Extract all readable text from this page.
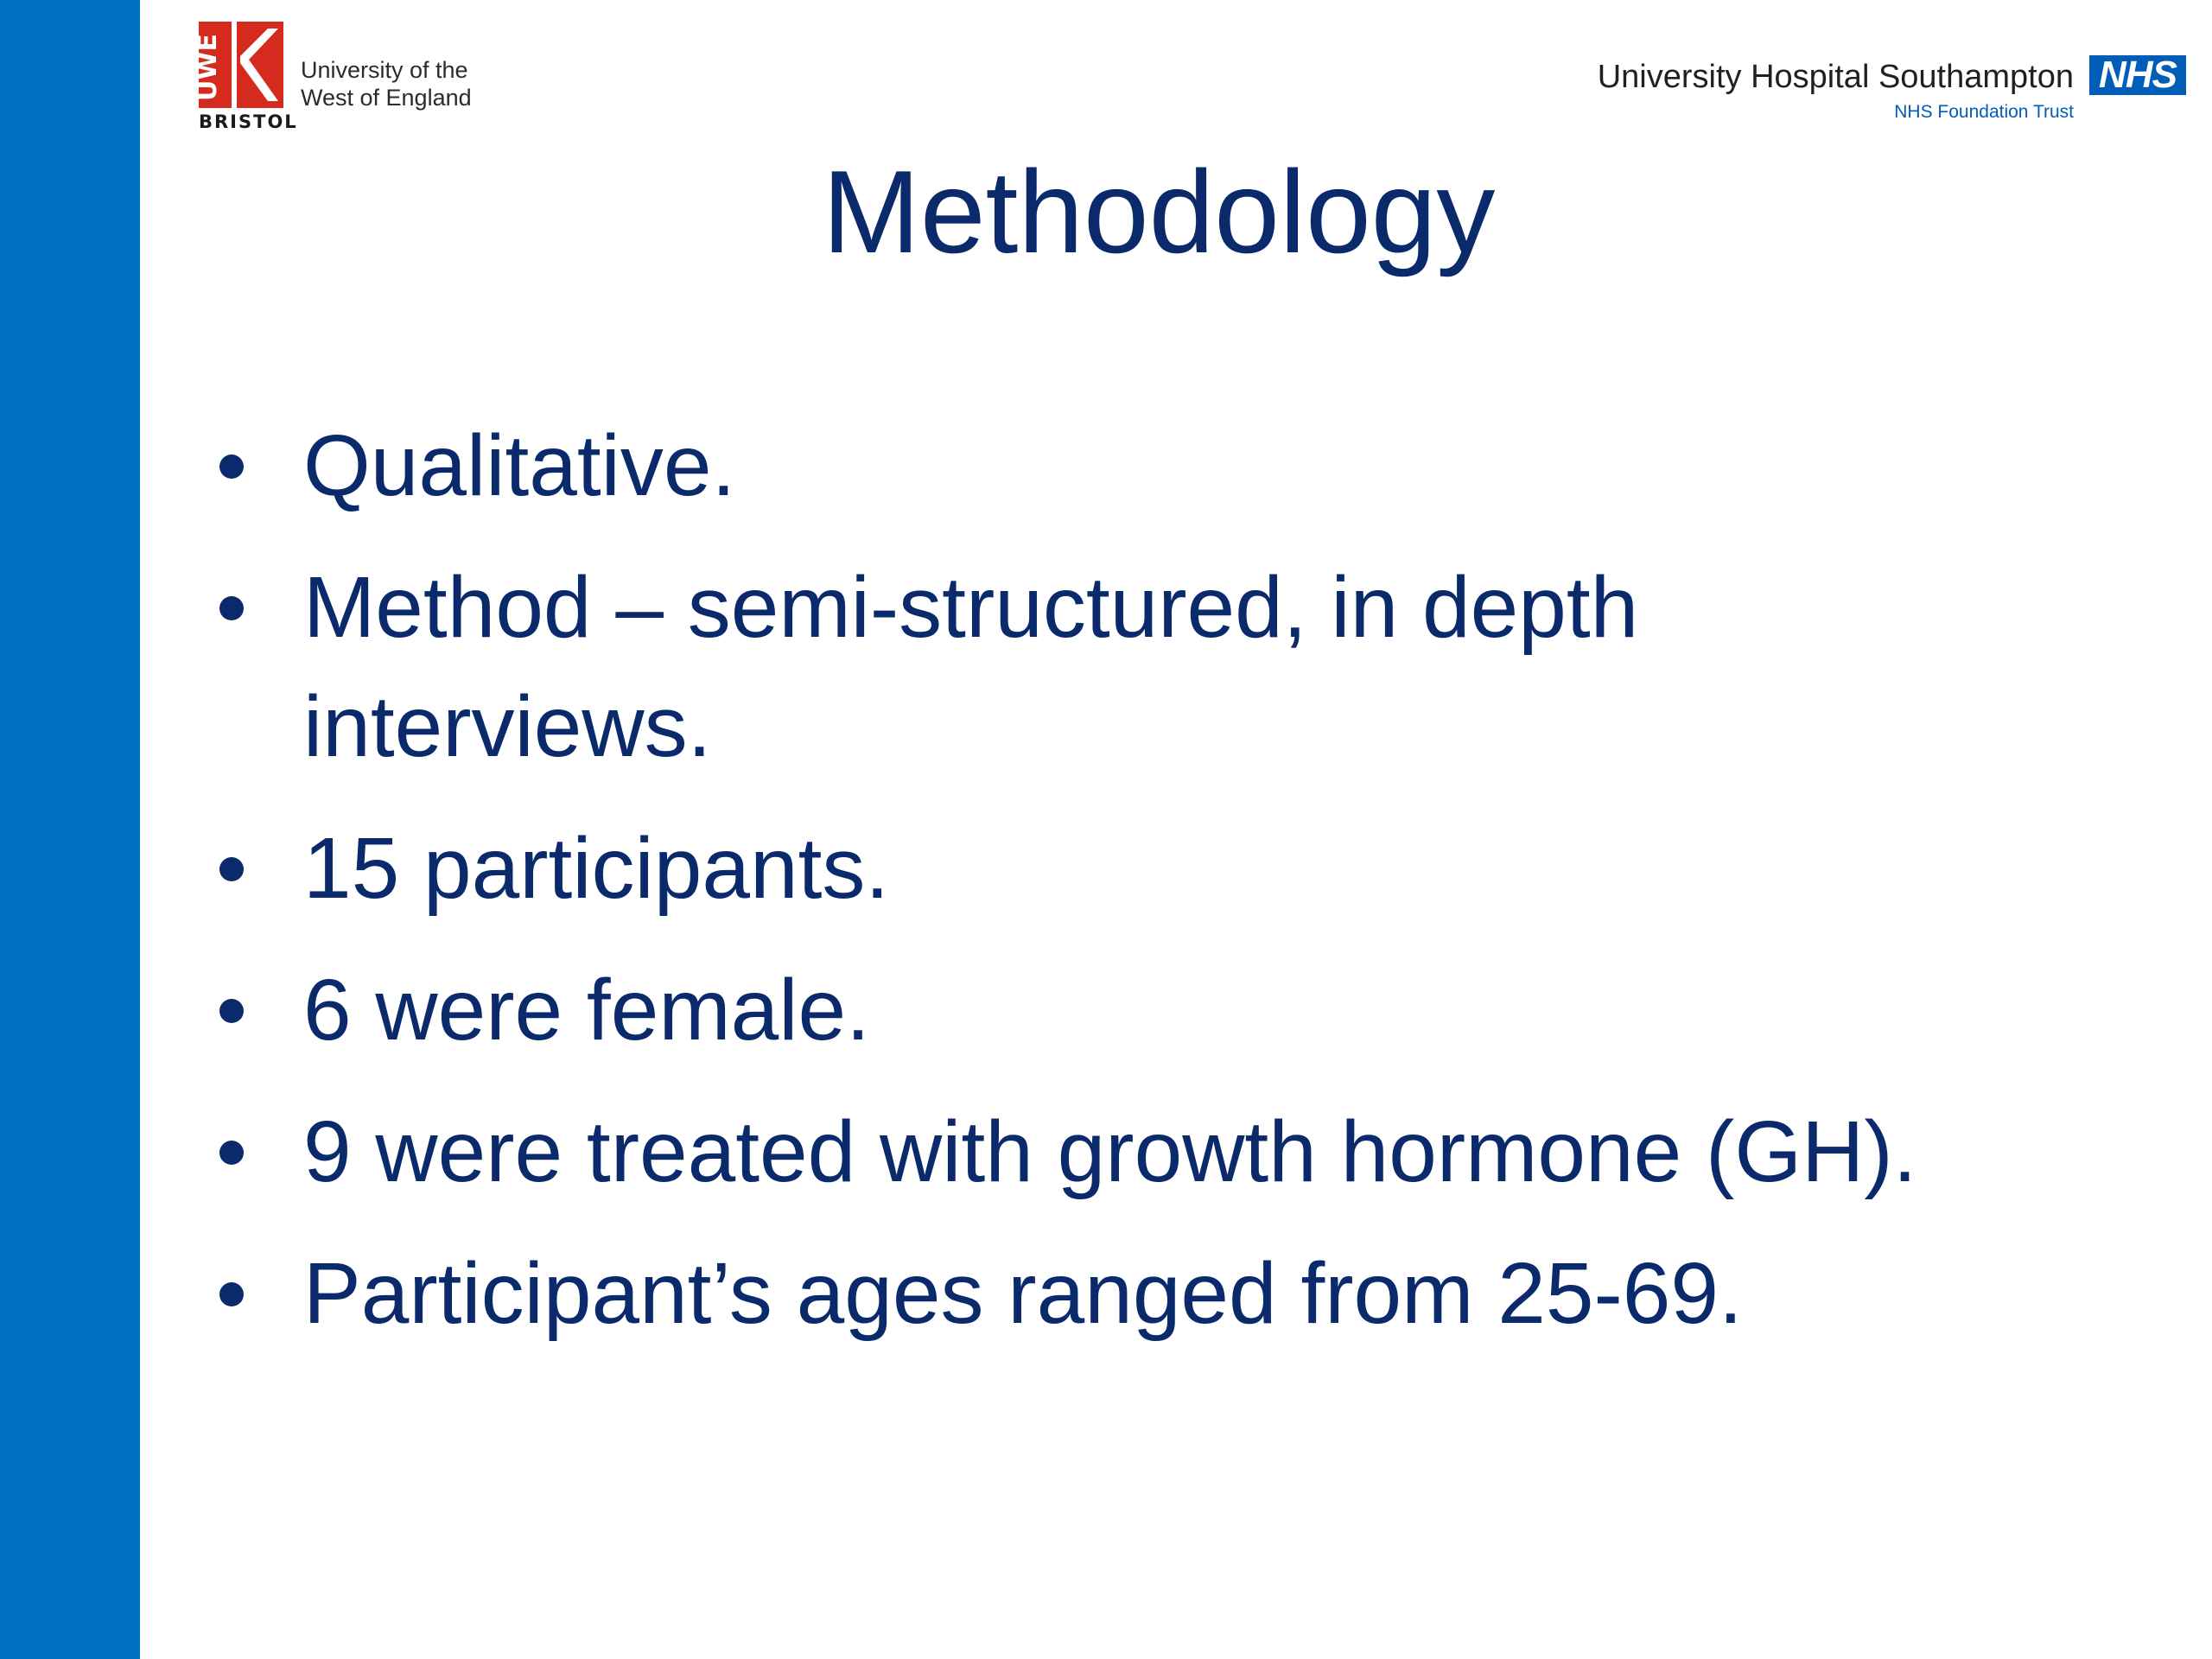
UWE
BRISTOL
University of the
West of England
University Hospital Southampton
NHS Foundation Trust
NHS
Methodology
Qualitative.
Method – semi-structured, in depth interviews.
15 participants.
6 were female.
9 were treated with growth hormone (GH).
Participant’s ages ranged from 25-69.
